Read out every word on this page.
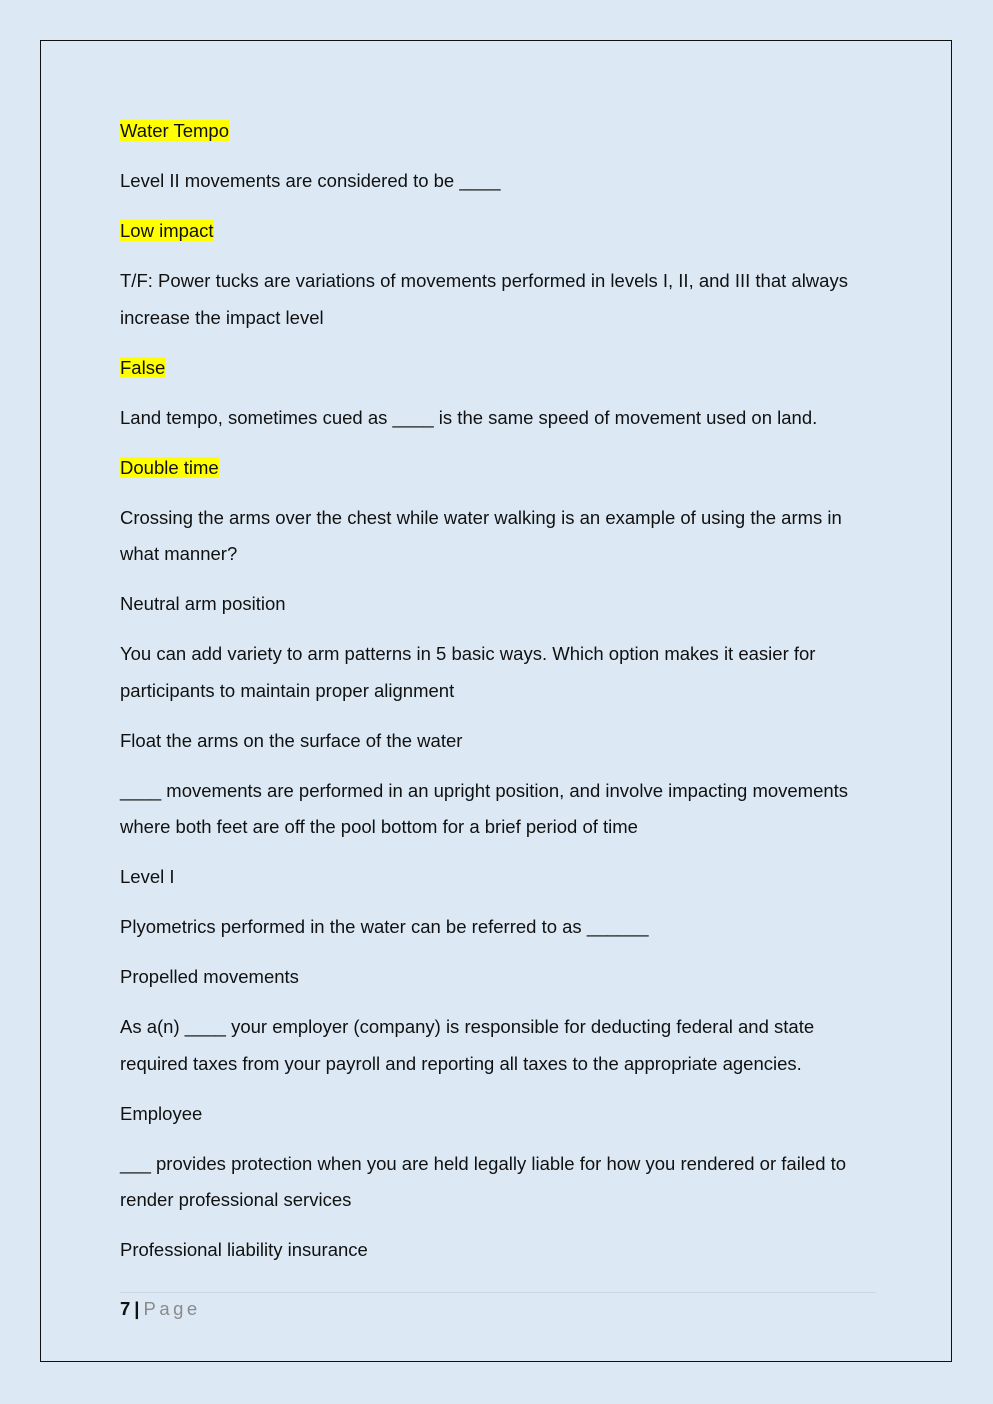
Water Tempo

Level II movements are considered to be ____

Low impact

T/F: Power tucks are variations of movements performed in levels I, II, and III that always increase the impact level

False

Land tempo, sometimes cued as ____ is the same speed of movement used on land.

Double time

Crossing the arms over the chest while water walking is an example of using the arms in what manner?

Neutral arm position

You can add variety to arm patterns in 5 basic ways. Which option makes it easier for participants to maintain proper alignment

Float the arms on the surface of the water

____ movements are performed in an upright position, and involve impacting movements where both feet are off the pool bottom for a brief period of time

Level I

Plyometrics performed in the water can be referred to as ______

Propelled movements

As a(n) ____ your employer (company) is responsible for deducting federal and state required taxes from your payroll and reporting all taxes to the appropriate agencies.

Employee

___ provides protection when you are held legally liable for how you rendered or failed to render professional services

Professional liability insurance

7 | Page
